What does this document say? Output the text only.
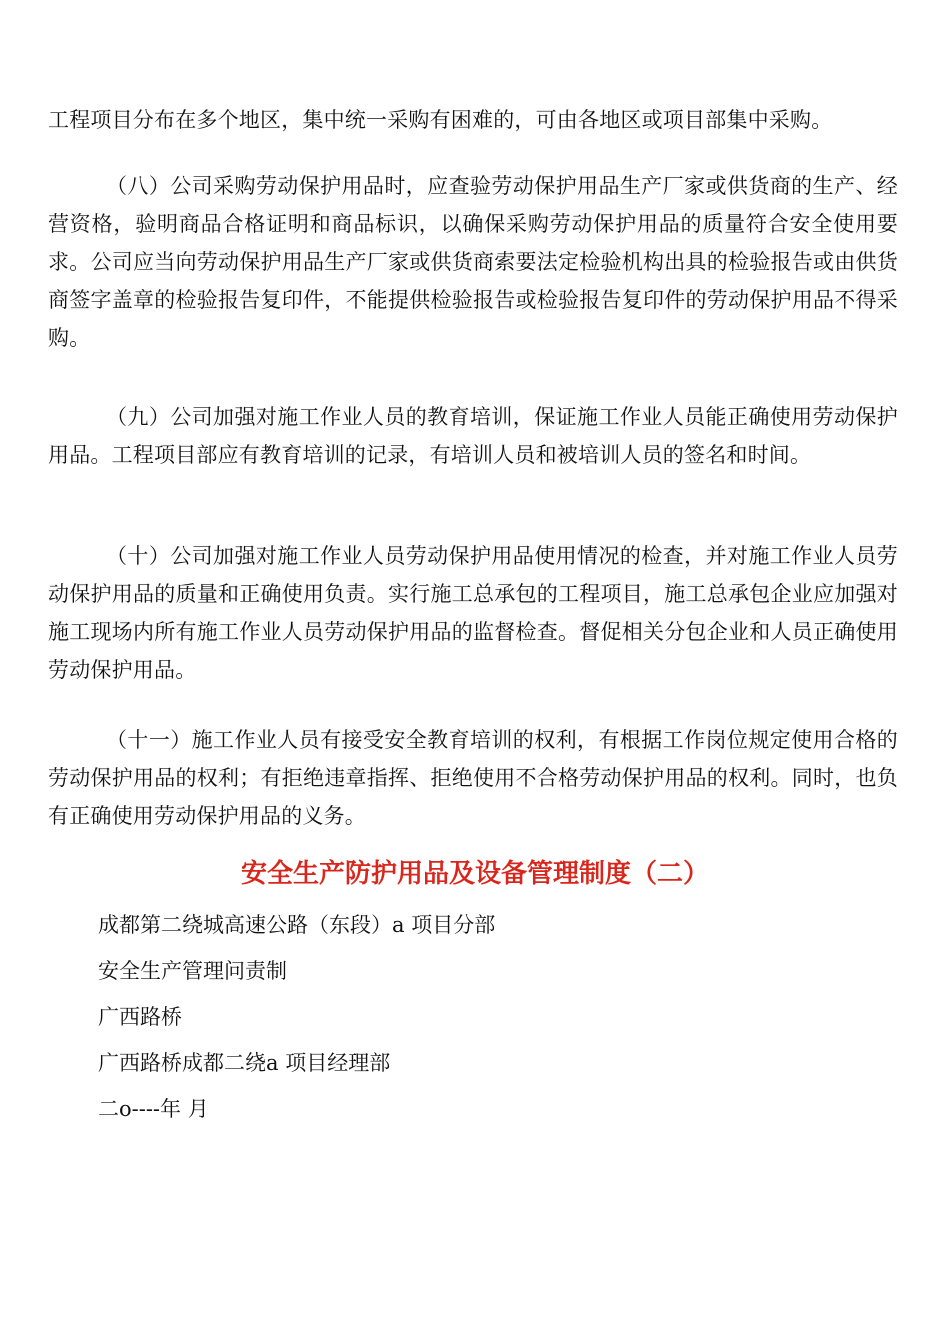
工程项目分布在多个地区，集中统一采购有困难的，可由各地区或项目部集中采购。

（八）公司采购劳动保护用品时，应查验劳动保护用品生产厂家或供货商的生产、经营资格，验明商品合格证明和商品标识，以确保采购劳动保护用品的质量符合安全使用要求。公司应当向劳动保护用品生产厂家或供货商索要法定检验机构出具的检验报告或由供货商签字盖章的检验报告复印件，不能提供检验报告或检验报告复印件的劳动保护用品不得采购。

（九）公司加强对施工作业人员的教育培训，保证施工作业人员能正确使用劳动保护用品。工程项目部应有教育培训的记录，有培训人员和被培训人员的签名和时间。

（十）公司加强对施工作业人员劳动保护用品使用情况的检查，并对施工作业人员劳动保护用品的质量和正确使用负责。实行施工总承包的工程项目，施工总承包企业应加强对施工现场内所有施工作业人员劳动保护用品的监督检查。督促相关分包企业和人员正确使用劳动保护用品。

（十一）施工作业人员有接受安全教育培训的权利，有根据工作岗位规定使用合格的劳动保护用品的权利；有拒绝违章指挥、拒绝使用不合格劳动保护用品的权利。同时，也负有正确使用劳动保护用品的义务。

安全生产防护用品及设备管理制度（二）

成都第二绕城高速公路（东段）a 项目分部

安全生产管理问责制

广西路桥

广西路桥成都二绕a 项目经理部

二o----年 月
